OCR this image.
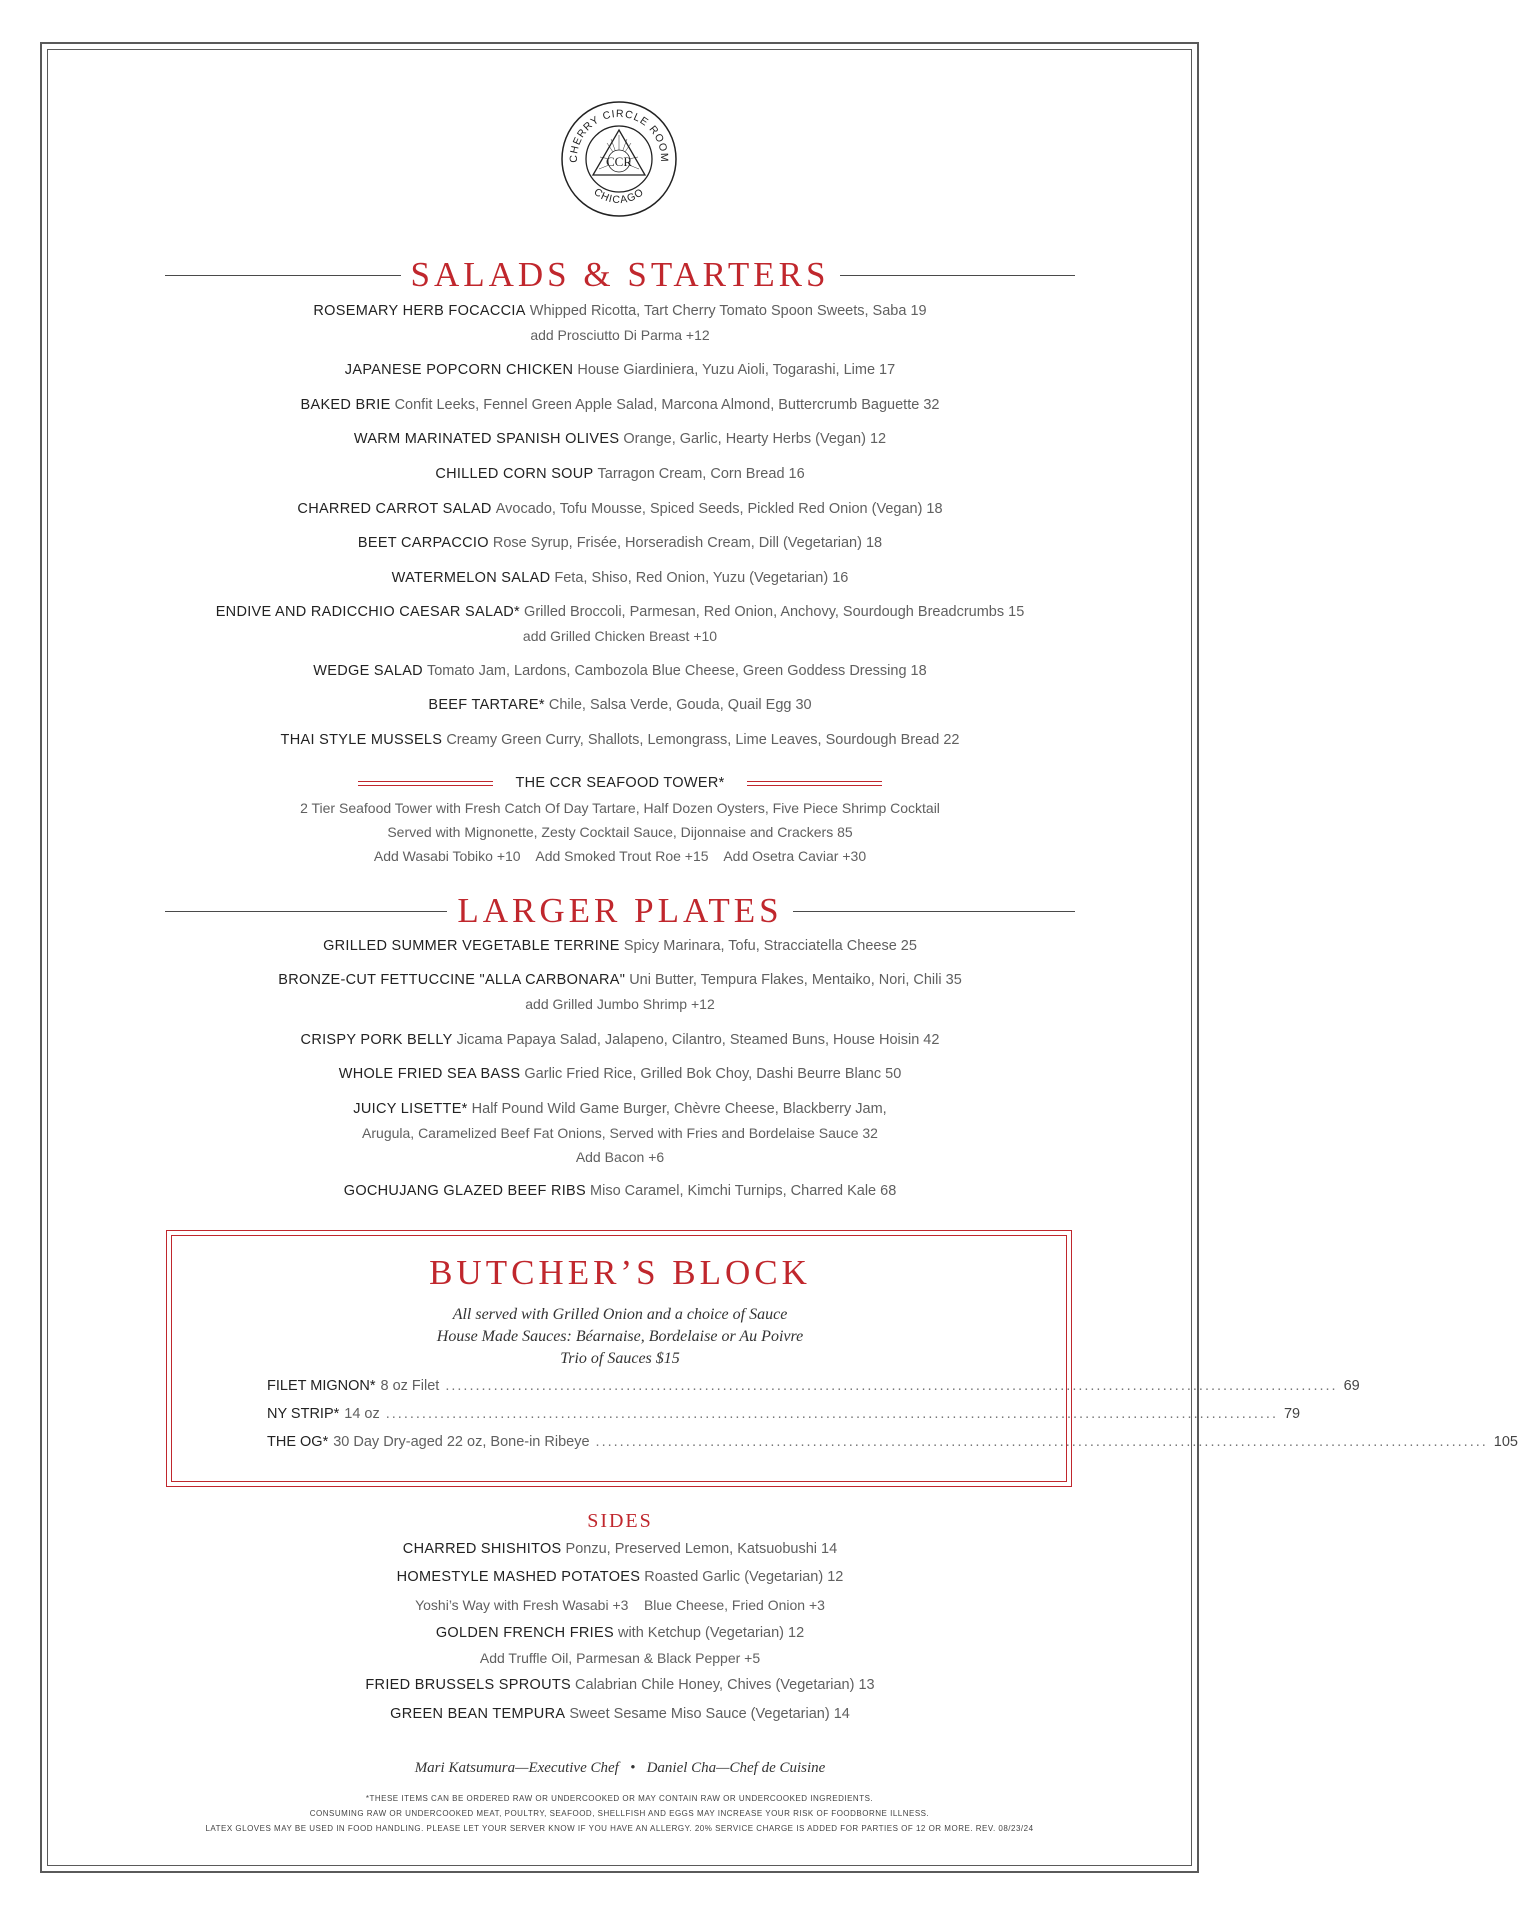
CHERRY CIRCLE ROOM
CHICAGO
CCR
SALADS & STARTERS
ROSEMARY HERB FOCACCIA Whipped Ricotta, Tart Cherry Tomato Spoon Sweets, Saba 19
add Prosciutto Di Parma +12
JAPANESE POPCORN CHICKEN House Giardiniera, Yuzu Aioli, Togarashi, Lime 17
BAKED BRIE Confit Leeks, Fennel Green Apple Salad, Marcona Almond, Buttercrumb Baguette 32
WARM MARINATED SPANISH OLIVES Orange, Garlic, Hearty Herbs (Vegan) 12
CHILLED CORN SOUP Tarragon Cream, Corn Bread 16
CHARRED CARROT SALAD Avocado, Tofu Mousse, Spiced Seeds, Pickled Red Onion (Vegan) 18
BEET CARPACCIO Rose Syrup, Frisée, Horseradish Cream, Dill (Vegetarian) 18
WATERMELON SALAD Feta, Shiso, Red Onion, Yuzu (Vegetarian) 16
ENDIVE AND RADICCHIO CAESAR SALAD* Grilled Broccoli, Parmesan, Red Onion, Anchovy, Sourdough Breadcrumbs 15
add Grilled Chicken Breast +10
WEDGE SALAD Tomato Jam, Lardons, Cambozola Blue Cheese, Green Goddess Dressing 18
BEEF TARTARE* Chile, Salsa Verde, Gouda, Quail Egg 30
THAI STYLE MUSSELS Creamy Green Curry, Shallots, Lemongrass, Lime Leaves, Sourdough Bread 22
THE CCR SEAFOOD TOWER*
2 Tier Seafood Tower with Fresh Catch Of Day Tartare, Half Dozen Oysters, Five Piece Shrimp Cocktail
Served with Mignonette, Zesty Cocktail Sauce, Dijonnaise and Crackers 85
Add Wasabi Tobiko +10    Add Smoked Trout Roe +15    Add Osetra Caviar +30
LARGER PLATES
GRILLED SUMMER VEGETABLE TERRINE Spicy Marinara, Tofu, Stracciatella Cheese 25
BRONZE-CUT FETTUCCINE "ALLA CARBONARA" Uni Butter, Tempura Flakes, Mentaiko, Nori, Chili 35
add Grilled Jumbo Shrimp +12
CRISPY PORK BELLY Jicama Papaya Salad, Jalapeno, Cilantro, Steamed Buns, House Hoisin 42
WHOLE FRIED SEA BASS Garlic Fried Rice, Grilled Bok Choy, Dashi Beurre Blanc 50
JUICY LISETTE* Half Pound Wild Game Burger, Chèvre Cheese, Blackberry Jam,
Arugula, Caramelized Beef Fat Onions, Served with Fries and Bordelaise Sauce 32
Add Bacon +6
GOCHUJANG GLAZED BEEF RIBS Miso Caramel, Kimchi Turnips, Charred Kale 68
BUTCHER’S BLOCK
All served with Grilled Onion and a choice of Sauce
House Made Sauces: Béarnaise, Bordelaise or Au Poivre
Trio of Sauces $15
FILET MIGNON* 8 oz Filet .................................................................................................................................................... 69
NY STRIP* 14 oz .................................................................................................................................................... 79
THE OG* 30 Day Dry-aged 22 oz, Bone-in Ribeye .................................................................................................................................................... 105
SIDES
CHARRED SHISHITOS Ponzu, Preserved Lemon, Katsuobushi 14
HOMESTYLE MASHED POTATOES Roasted Garlic (Vegetarian) 12
Yoshi’s Way with Fresh Wasabi +3    Blue Cheese, Fried Onion +3
GOLDEN FRENCH FRIES with Ketchup (Vegetarian) 12
Add Truffle Oil, Parmesan & Black Pepper +5
FRIED BRUSSELS SPROUTS Calabrian Chile Honey, Chives (Vegetarian) 13
GREEN BEAN TEMPURA Sweet Sesame Miso Sauce (Vegetarian) 14
Mari Katsumura—Executive Chef   •   Daniel Cha—Chef de Cuisine
*THESE ITEMS CAN BE ORDERED RAW OR UNDERCOOKED OR MAY CONTAIN RAW OR UNDERCOOKED INGREDIENTS.
CONSUMING RAW OR UNDERCOOKED MEAT, POULTRY, SEAFOOD, SHELLFISH AND EGGS MAY INCREASE YOUR RISK OF FOODBORNE ILLNESS.
LATEX GLOVES MAY BE USED IN FOOD HANDLING. PLEASE LET YOUR SERVER KNOW IF YOU HAVE AN ALLERGY. 20% SERVICE CHARGE IS ADDED FOR PARTIES OF 12 OR MORE. REV. 08/23/24
